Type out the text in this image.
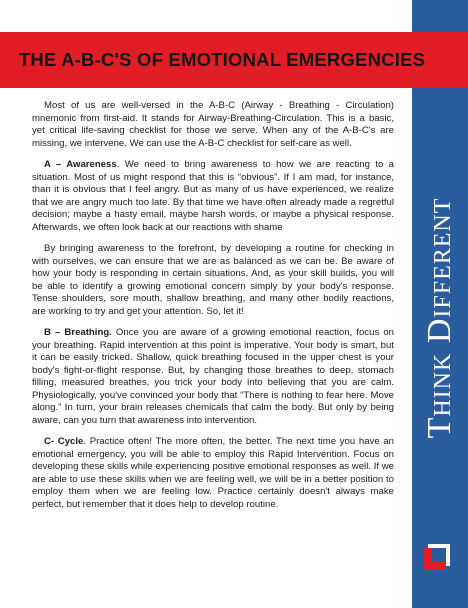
Think Different
THE A-B-C'S OF EMOTIONAL EMERGENCIES

Most of us are well-versed in the A-B-C (Airway - Breathing - Circulation) mnemonic from first-aid. It stands for Airway-Breathing-Circulation. This is a basic, yet critical life-saving checklist for those we serve. When any of the A-B-C's are missing, we intervene. We can use the A-B-C checklist for self-care as well.

A – Awareness. We need to bring awareness to how we are reacting to a situation. Most of us might respond that this is “obvious”. If I am mad, for instance, than it is obvious that I feel angry. But as many of us have experienced, we realize that we are angry much too late. By that time we have often already made a regretful decision; maybe a hasty email, maybe harsh words, or maybe a physical response. Afterwards, we often look back at our reactions with shame

By bringing awareness to the forefront, by developing a routine for checking in with ourselves, we can ensure that we are as balanced as we can be. Be aware of how your body is responding in certain situations. And, as your skill builds, you will be able to identify a growing emotional concern simply by your body's response. Tense shoulders, sore mouth, shallow breathing, and many other bodily reactions, are working to try and get your attention. So, let it!

B – Breathing. Once you are aware of a growing emotional reaction, focus on your breathing. Rapid intervention at this point is imperative. Your body is smart, but it can be easily tricked. Shallow, quick breathing focused in the upper chest is your body's fight-or-flight response. But, by changing those breathes to deep, stomach filling, measured breathes, you trick your body into believing that you are calm. Physiologically, you've convinced your body that “There is nothing to fear here. Move along.” In turn, your brain releases chemicals that calm the body. But only by being aware, can you turn that awareness into intervention.

C- Cycle. Practice often! The more often, the better. The next time you have an emotional emergency, you will be able to employ this Rapid Intervention. Focus on developing these skills while experiencing positive emotional responses as well. If we are able to use these skills when we are feeling well, we will be in a better position to employ them when we are feeling low. Practice certainly doesn't always make perfect, but remember that it does help to develop routine.
